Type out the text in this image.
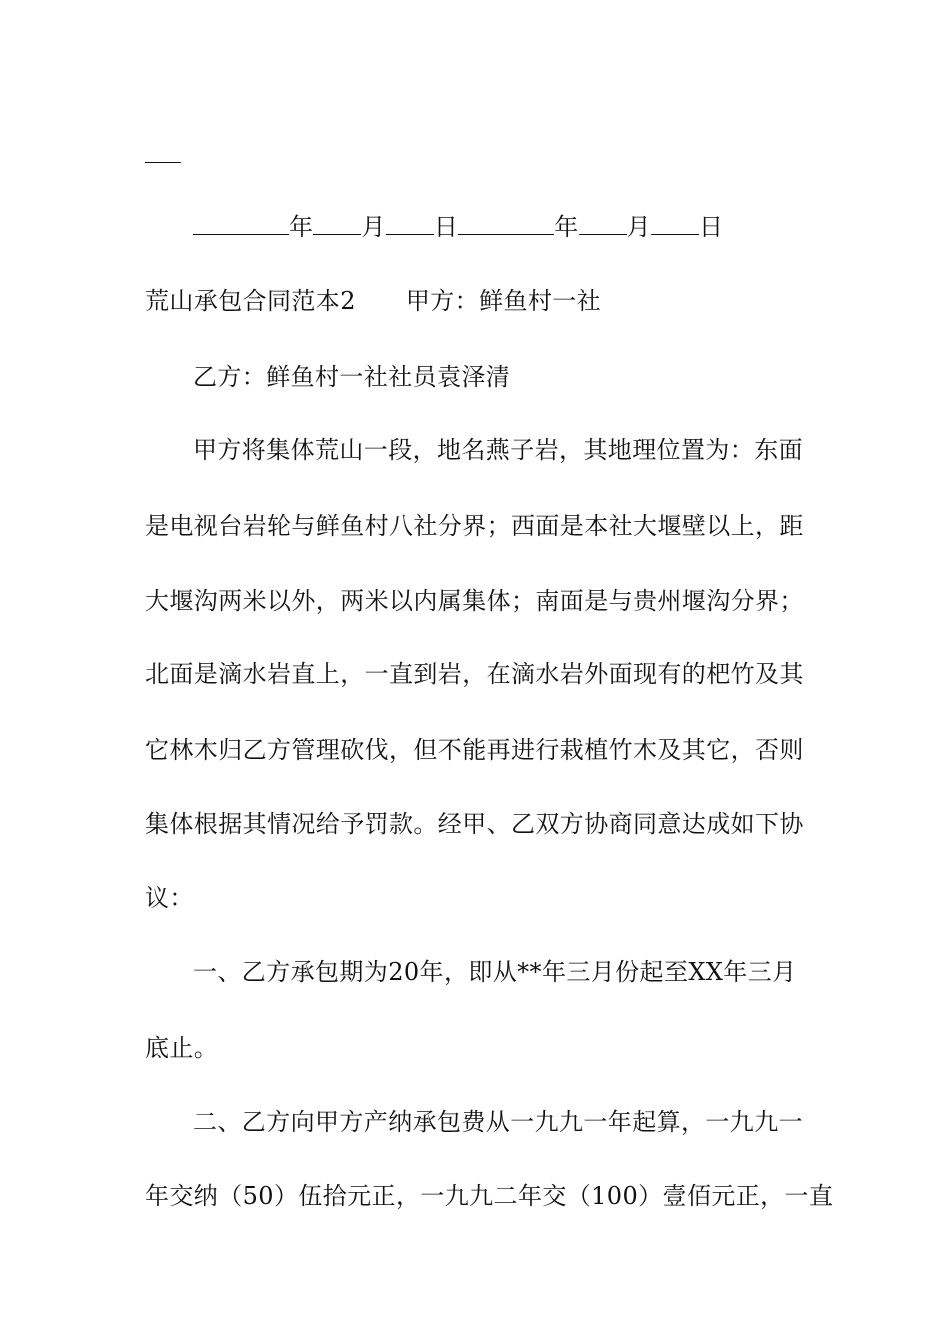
年 月 日	年 月 日
荒山承包合同范本2 甲方：鲜鱼村一社
乙方：鲜鱼村一社社员袁泽清
甲方将集体荒山一段，地名燕子岩，其地理位置为：东面
是电视台岩轮与鲜鱼村八社分界；西面是本社大堰壁以上，距
大堰沟两米以外，两米以内属集体；南面是与贵州堰沟分界；
北面是滴水岩直上，一直到岩，在滴水岩外面现有的杷竹及其
它林木归乙方管理砍伐，但不能再进行栽植竹木及其它，否则
集体根据其情况给予罚款。经甲、乙双方协商同意达成如下协
议：
一、乙方承包期为20年，即从**年三月份起至XX年三月
底止。
二、乙方向甲方产纳承包费从一九九一年起算，一九九一
年交纳（50）伍拾元正，一九九二年交（100）壹佰元正，一直
